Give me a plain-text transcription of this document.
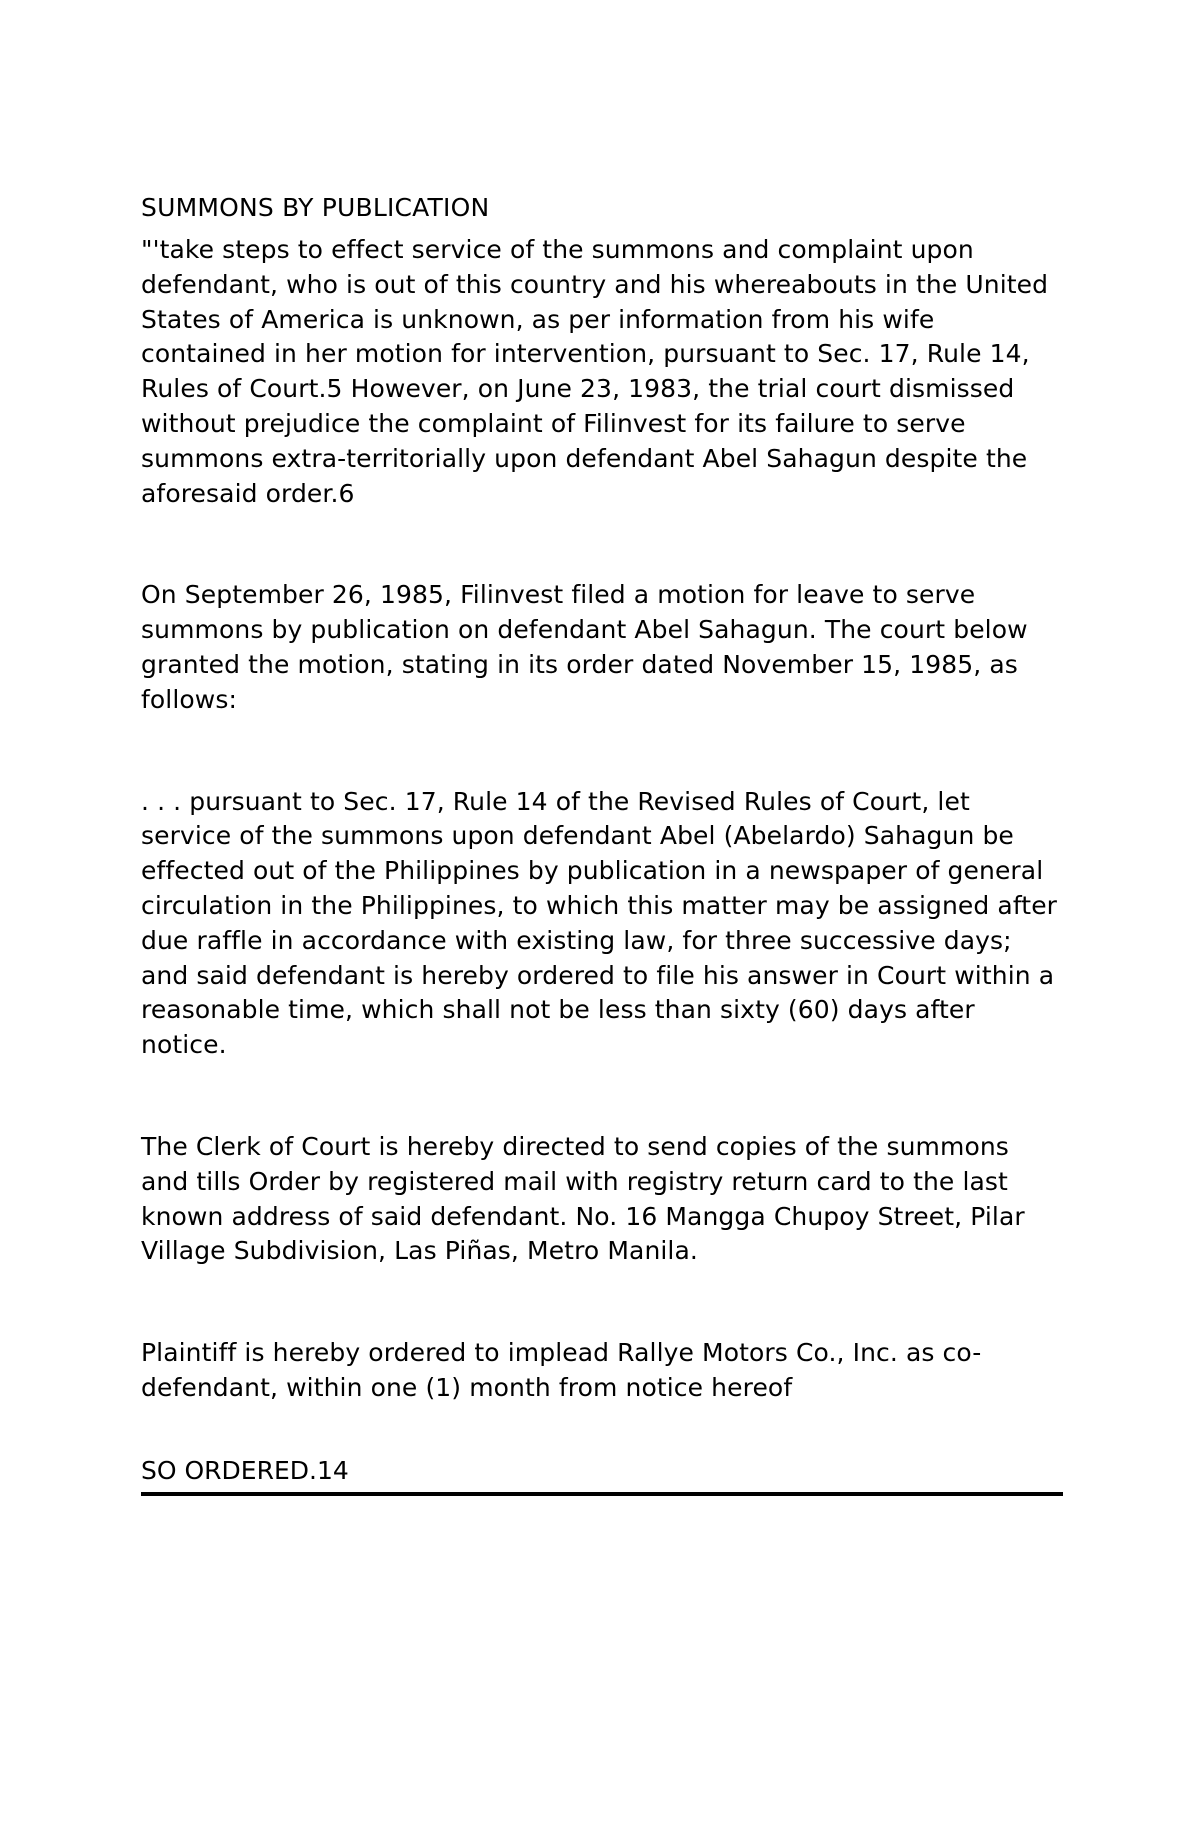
SUMMONS BY PUBLICATION

"'take steps to effect service of the summons and complaint upon defendant, who is out of this country and his whereabouts in the United States of America is unknown, as per information from his wife contained in her motion for intervention, pursuant to Sec. 17, Rule 14, Rules of Court.5 However, on June 23, 1983, the trial court dismissed without prejudice the complaint of Filinvest for its failure to serve summons extra-territorially upon defendant Abel Sahagun despite the aforesaid order.6

On September 26, 1985, Filinvest filed a motion for leave to serve summons by publication on defendant Abel Sahagun. The court below granted the motion, stating in its order dated November 15, 1985, as follows:

. . . pursuant to Sec. 17, Rule 14 of the Revised Rules of Court, let service of the summons upon defendant Abel (Abelardo) Sahagun be effected out of the Philippines by publication in a newspaper of general circulation in the Philippines, to which this matter may be assigned after due raffle in accordance with existing law, for three successive days; and said defendant is hereby ordered to file his answer in Court within a reasonable time, which shall not be less than sixty (60) days after notice.

The Clerk of Court is hereby directed to send copies of the summons and tills Order by registered mail with registry return card to the last known address of said defendant. No. 16 Mangga Chupoy Street, Pilar Village Subdivision, Las Piñas, Metro Manila.

Plaintiff is hereby ordered to implead Rallye Motors Co., Inc. as co-defendant, within one (1) month from notice hereof

SO ORDERED.14
